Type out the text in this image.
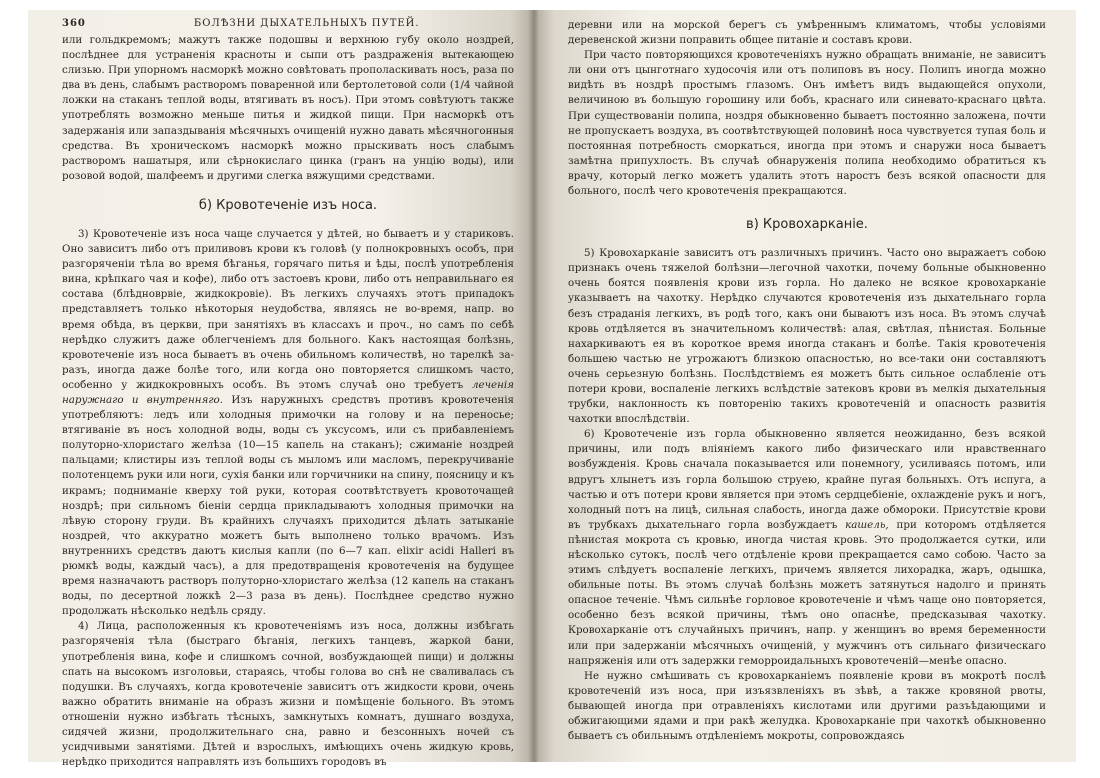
360	БОЛѢЗНИ ДЫХАТЕЛЬНЫХЪ ПУТЕЙ.

или гольдкремомъ; мажутъ также подошвы и верхнюю губу около ноздрей, послѣднее для устраненія красноты и сыпи отъ раздраженія вытекающею слизью. При упорномъ насморкѣ можно совѣтовать прополаскивать носъ, раза по два въ день, слабымъ растворомъ поваренной или бертолетовой соли (1/4 чайной ложки на стаканъ теплой воды, втягивать въ носъ). При этомъ совѣтуютъ также употреблять возможно меньше питья и жидкой пищи. При насморкѣ отъ задержанія или запаздыванія мѣсячныхъ очищеній нужно давать мѣсячногонныя средства. Въ хроническомъ насморкѣ можно прыскивать носъ слабымъ растворомъ нашатыря, или сѣрнокислаго цинка (гранъ на унцію воды), или розовой водой, шалфеемъ и другими слегка вяжущими средствами.

б) Кровотеченіе изъ носа.

3) Кровотеченіе изъ носа чаще случается у дѣтей, но бываетъ и у стариковъ. Оно зависитъ либо отъ приливовъ крови къ головѣ (у полнокровныхъ особъ, при разгоряченіи тѣла во время бѣганья, горячаго питья и ѣды, послѣ употребленія вина, крѣпкаго чая и кофе), либо отъ застоевъ крови, либо отъ неправильнаго ея состава (блѣдноврвіе, жидкокровіе). Въ легкихъ случаяхъ этотъ припадокъ представляетъ только нѣкоторыя неудобства, являясь не во-время, напр. во время обѣда, въ церкви, при занятіяхъ въ классахъ и проч., но самъ по себѣ нерѣдко служитъ даже облегченіемъ для больного. Какъ настоящая болѣзнь, кровотеченіе изъ носа бываетъ въ очень обильномъ количествѣ, но тарелкѣ за-разъ, иногда даже болѣе того, или когда оно повторяется слишкомъ часто, особенно у жидкокровныхъ особъ. Въ этомъ случаѣ оно требуетъ леченія наружнаго и внутренняго. Изъ наружныхъ средствъ противъ кровотеченія употребляютъ: ледъ или холодныя примочки на голову и на переносье; втягиваніе въ носъ холодной воды, воды съ уксусомъ, или съ прибавленіемъ полуторно-хлористаго желѣза (10—15 капель на стаканъ); сжиманіе ноздрей пальцами; клистиры изъ теплой воды съ мыломъ или масломъ, перекручиваніе полотенцемъ руки или ноги, сухія банки или горчичники на спину, поясницу и къ икрамъ; подниманіе кверху той руки, которая соотвѣтствуетъ кровоточащей ноздрѣ; при сильномъ біеніи сердца прикладываютъ холодныя примочки на лѣвую сторону груди. Въ крайнихъ случаяхъ приходится дѣлать затыканіе ноздрей, что аккуратно можетъ быть выполнено только врачомъ. Изъ внутреннихъ средствъ даютъ кислыя капли (по 6—7 кап. elixir acidi Halleri въ рюмкѣ воды, каждый часъ), а для предотвращенія кровотеченія на будущее время назначаютъ растворъ полуторно-хлористаго желѣза (12 капель на стаканъ воды, по десертной ложкѣ 2—3 раза въ день). Послѣднее средство нужно продолжать нѣсколько недѣль сряду.

4) Лица, расположенныя къ кровотеченіямъ изъ носа, должны избѣгать разгоряченія тѣла (быстраго бѣганія, легкихъ танцевъ, жаркой бани, употребленія вина, кофе и слишкомъ сочной, возбуждающей пищи) и должны спать на высокомъ изголовьи, стараясь, чтобы голова во снѣ не сваливалась съ подушки. Въ случаяхъ, когда кровотеченіе зависитъ отъ жидкости крови, очень важно обратить вниманіе на образъ жизни и помѣщеніе больного. Въ этомъ отношеніи нужно избѣгать тѣсныхъ, замкнутыхъ комнатъ, душнаго воздуха, сидячей жизни, продолжительнаго сна, равно и безсонныхъ ночей съ усидчивыми занятіями. Дѣтей и взрослыхъ, имѣющихъ очень жидкую кровь, нерѣдко приходится направлять изъ большихъ городовъ въ

деревни или на морской берегъ съ умѣреннымъ климатомъ, чтобы условіями деревенской жизни поправить общее питаніе и составъ крови.

При часто повторяющихся кровотеченіяхъ нужно обращать вниманіе, не зависитъ ли они отъ цынготнаго худосочія или отъ полиповъ въ носу. Полипъ иногда можно видѣть въ ноздрѣ простымъ глазомъ. Онъ имѣетъ видъ выдающейся опухоли, величиною въ большую горошину или бобъ, краснаго или синевато-краснаго цвѣта. При существованіи полипа, ноздря обыкновенно бываетъ постоянно заложена, почти не пропускаетъ воздуха, въ соотвѣтствующей половинѣ носа чувствуется тупая боль и постоянная потребность сморкаться, иногда при этомъ и снаружи носа бываетъ замѣтна припухлость. Въ случаѣ обнаруженія полипа необходимо обратиться къ врачу, который легко можетъ удалить этотъ наростъ безъ всякой опасности для больного, послѣ чего кровотеченія прекращаются.

в) Кровохарканіе.

5) Кровохарканіе зависитъ отъ различныхъ причинъ. Часто оно выражаетъ собою признакъ очень тяжелой болѣзни—легочной чахотки, почему больные обыкновенно очень боятся появленія крови изъ горла. Но далеко не всякое кровохарканіе указываетъ на чахотку. Нерѣдко случаются кровотеченія изъ дыхательнаго горла безъ страданія легкихъ, въ родѣ того, какъ они бываютъ изъ носа. Въ этомъ случаѣ кровь отдѣляется въ значительномъ количествѣ: алая, свѣтлая, пѣнистая. Больные нахаркиваютъ ея въ короткое время иногда стаканъ и болѣе. Такія кровотеченія большею частью не угрожаютъ близкою опасностью, но все-таки они составляютъ очень серьезную болѣзнь. Послѣдствіемъ ея можетъ быть сильное ослабленіе отъ потери крови, воспаленіе легкихъ вслѣдствіе затековъ крови въ мелкія дыхательныя трубки, наклонность къ повторенію такихъ кровотеченій и опасность развитія чахотки впослѣдствіи.

6) Кровотеченіе изъ горла обыкновенно является неожиданно, безъ всякой причины, или подъ вліяніемъ какого либо физическаго или нравственнаго возбужденія. Кровь сначала показывается или понемногу, усиливаясь потомъ, или вдругъ хлынетъ изъ горла большою струею, крайне пугая больныхъ. Отъ испуга, а частью и отъ потери крови является при этомъ сердцебіеніе, охлажденіе рукъ и ногъ, холодный потъ на лицѣ, сильная слабость, иногда даже обмороки. Присутствіе крови въ трубкахъ дыхательнаго горла возбуждаетъ кашель, при которомъ отдѣляется пѣнистая мокрота съ кровью, иногда чистая кровь. Это продолжается сутки, или нѣсколько сутокъ, послѣ чего отдѣленіе крови прекращается само собою. Часто за этимъ слѣдуетъ воспаленіе легкихъ, причемъ является лихорадка, жаръ, одышка, обильные поты. Въ этомъ случаѣ болѣзнь можетъ затянуться надолго и принять опасное теченіе. Чѣмъ сильнѣе горловое кровотеченіе и чѣмъ чаще оно повторяется, особенно безъ всякой причины, тѣмъ оно опаснѣе, предсказывая чахотку. Кровохарканіе отъ случайныхъ причинъ, напр. у женщинъ во время беременности или при задержаніи мѣсячныхъ очищеній, у мужчинъ отъ сильнаго физическаго напряженія или отъ задержки геморроидальныхъ кровотеченій—менѣе опасно.

Не нужно смѣшивать съ кровохарканіемъ появленіе крови въ мокротѣ послѣ кровотеченій изъ носа, при изъязвленіяхъ въ зѣвѣ, а также кровяной рвоты, бывающей иногда при отравленіяхъ кислотами или другими разъѣдающими и обжигающими ядами и при ракѣ желудка. Кровохарканіе при чахоткѣ обыкновенно бываетъ съ обильнымъ отдѣленіемъ мокроты, сопровождаясь
